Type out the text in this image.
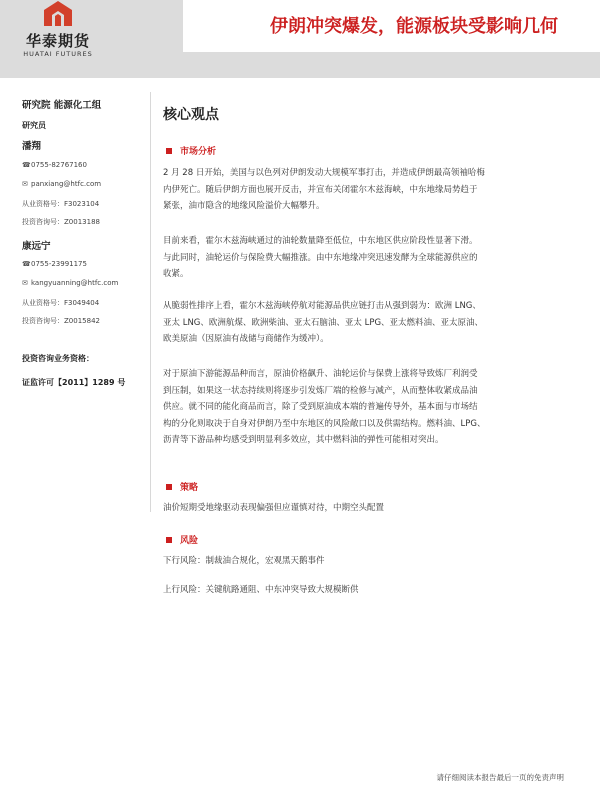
华泰期货
HUATAI FUTURES
伊朗冲突爆发，能源板块受影响几何
研究院 能源化工组
研究员
潘翔
☎0755-82767160
✉ panxiang@htfc.com
从业资格号：F3023104
投资咨询号：Z0013188
康远宁
☎0755-23991175
✉ kangyuanning@htfc.com
从业资格号：F3049404
投资咨询号：Z0015842
投资咨询业务资格：
证监许可【2011】1289 号
核心观点
市场分析
2 月 28 日开始，美国与以色列对伊朗发动大规模军事打击，并造成伊朗最高领袖哈梅
内伊死亡。随后伊朗方面也展开反击，并宣布关闭霍尔木兹海峡，中东地缘局势趋于
紧张，油市隐含的地缘风险溢价大幅攀升。
目前来看，霍尔木兹海峡通过的油轮数量降至低位，中东地区供应阶段性显著下滑。
与此同时，油轮运价与保险费大幅推涨。由中东地缘冲突迅速发酵为全球能源供应的
收紧。
从脆弱性排序上看，霍尔木兹海峡停航对能源品供应链打击从强到弱为：欧洲 LNG、
亚太 LNG、欧洲航煤、欧洲柴油、亚太石脑油、亚太 LPG、亚太燃料油、亚太原油、
欧美原油（因原油有战储与商储作为缓冲）。
对于原油下游能源品种而言，原油价格飙升、油轮运价与保费上涨将导致炼厂利润受
到压制，如果这一状态持续则将逐步引发炼厂端的检修与减产，从而整体收紧成品油
供应。就不同的能化商品而言，除了受到原油成本端的普遍传导外，基本面与市场结
构的分化则取决于自身对伊朗乃至中东地区的风险敞口以及供需结构。燃料油、LPG、
沥青等下游品种均感受到明显利多效应，其中燃料油的弹性可能相对突出。
策略
油价短期受地缘驱动表现偏强但应谨慎对待，中期空头配置
风险
下行风险：制裁油合规化，宏观黑天鹅事件
上行风险：关键航路通阻、中东冲突导致大规模断供
请仔细阅读本报告最后一页的免责声明
